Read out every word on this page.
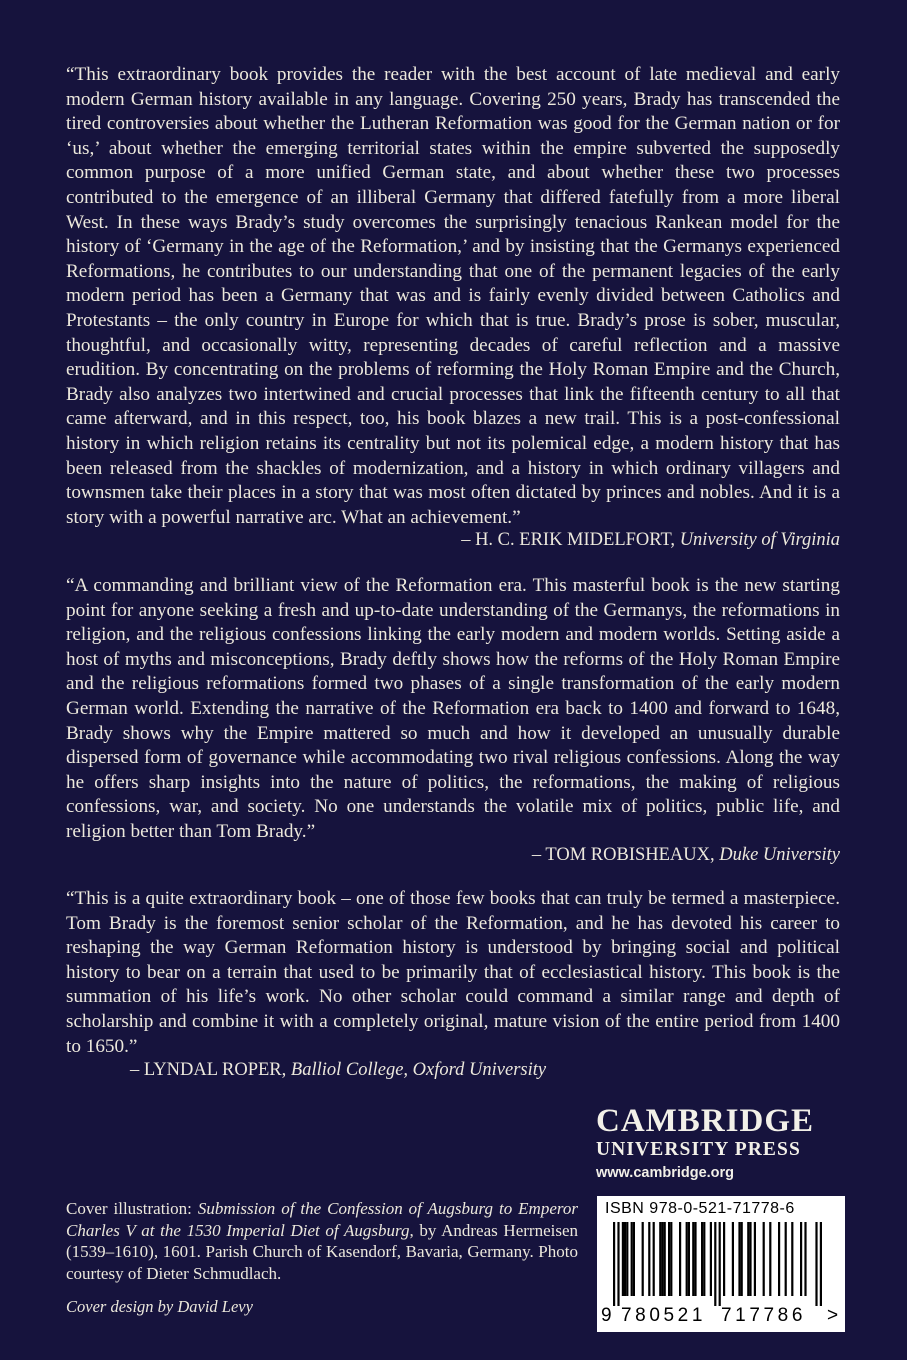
“This extraordinary book provides the reader with the best account of late medieval and early modern German history available in any language. Covering 250 years, Brady has transcended the tired controversies about whether the Lutheran Reformation was good for the German nation or for ‘us,’ about whether the emerging territorial states within the empire subverted the supposedly common purpose of a more unified German state, and about whether these two processes contributed to the emergence of an illiberal Germany that differed fatefully from a more liberal West. In these ways Brady’s study overcomes the surprisingly tenacious Rankean model for the history of ‘Germany in the age of the Reformation,’ and by insisting that the Germanys experienced Reformations, he contributes to our understanding that one of the permanent legacies of the early modern period has been a Germany that was and is fairly evenly divided between Catholics and Protestants – the only country in Europe for which that is true. Brady’s prose is sober, muscular, thoughtful, and occasionally witty, representing decades of careful reflection and a massive erudition. By concentrating on the problems of reforming the Holy Roman Empire and the Church, Brady also analyzes two intertwined and crucial processes that link the fifteenth century to all that came afterward, and in this respect, too, his book blazes a new trail. This is a post-confessional history in which religion retains its centrality but not its polemical edge, a modern history that has been released from the shackles of modernization, and a history in which ordinary villagers and townsmen take their places in a story that was most often dictated by princes and nobles. And it is a story with a powerful narrative arc. What an achievement.”

– H. C. ERIK MIDELFORT, University of Virginia

“A commanding and brilliant view of the Reformation era. This masterful book is the new starting point for anyone seeking a fresh and up-to-date understanding of the Germanys, the reformations in religion, and the religious confessions linking the early modern and modern worlds. Setting aside a host of myths and misconceptions, Brady deftly shows how the reforms of the Holy Roman Empire and the religious reformations formed two phases of a single transformation of the early modern German world. Extending the narrative of the Reformation era back to 1400 and forward to 1648, Brady shows why the Empire mattered so much and how it developed an unusually durable dispersed form of governance while accommodating two rival religious confessions. Along the way he offers sharp insights into the nature of politics, the reformations, the making of religious confessions, war, and society. No one understands the volatile mix of politics, public life, and religion better than Tom Brady.”

– TOM ROBISHEAUX, Duke University

“This is a quite extraordinary book – one of those few books that can truly be termed a masterpiece. Tom Brady is the foremost senior scholar of the Reformation, and he has devoted his career to reshaping the way German Reformation history is understood by bringing social and political history to bear on a terrain that used to be primarily that of ecclesiastical history. This book is the summation of his life’s work. No other scholar could command a similar range and depth of scholarship and combine it with a completely original, mature vision of the entire period from 1400 to 1650.”

– LYNDAL ROPER, Balliol College, Oxford University
CAMBRIDGE
UNIVERSITY PRESS
www.cambridge.org

Cover illustration: Submission of the Confession of Augsburg to Emperor Charles V at the 1530 Imperial Diet of Augsburg, by Andreas Herrneisen (1539–1610), 1601. Parish Church of Kasendorf, Bavaria, Germany. Photo courtesy of Dieter Schmudlach.

Cover design by David Levy
ISBN 978-0-521-71778-6
9 780521 717786 >
